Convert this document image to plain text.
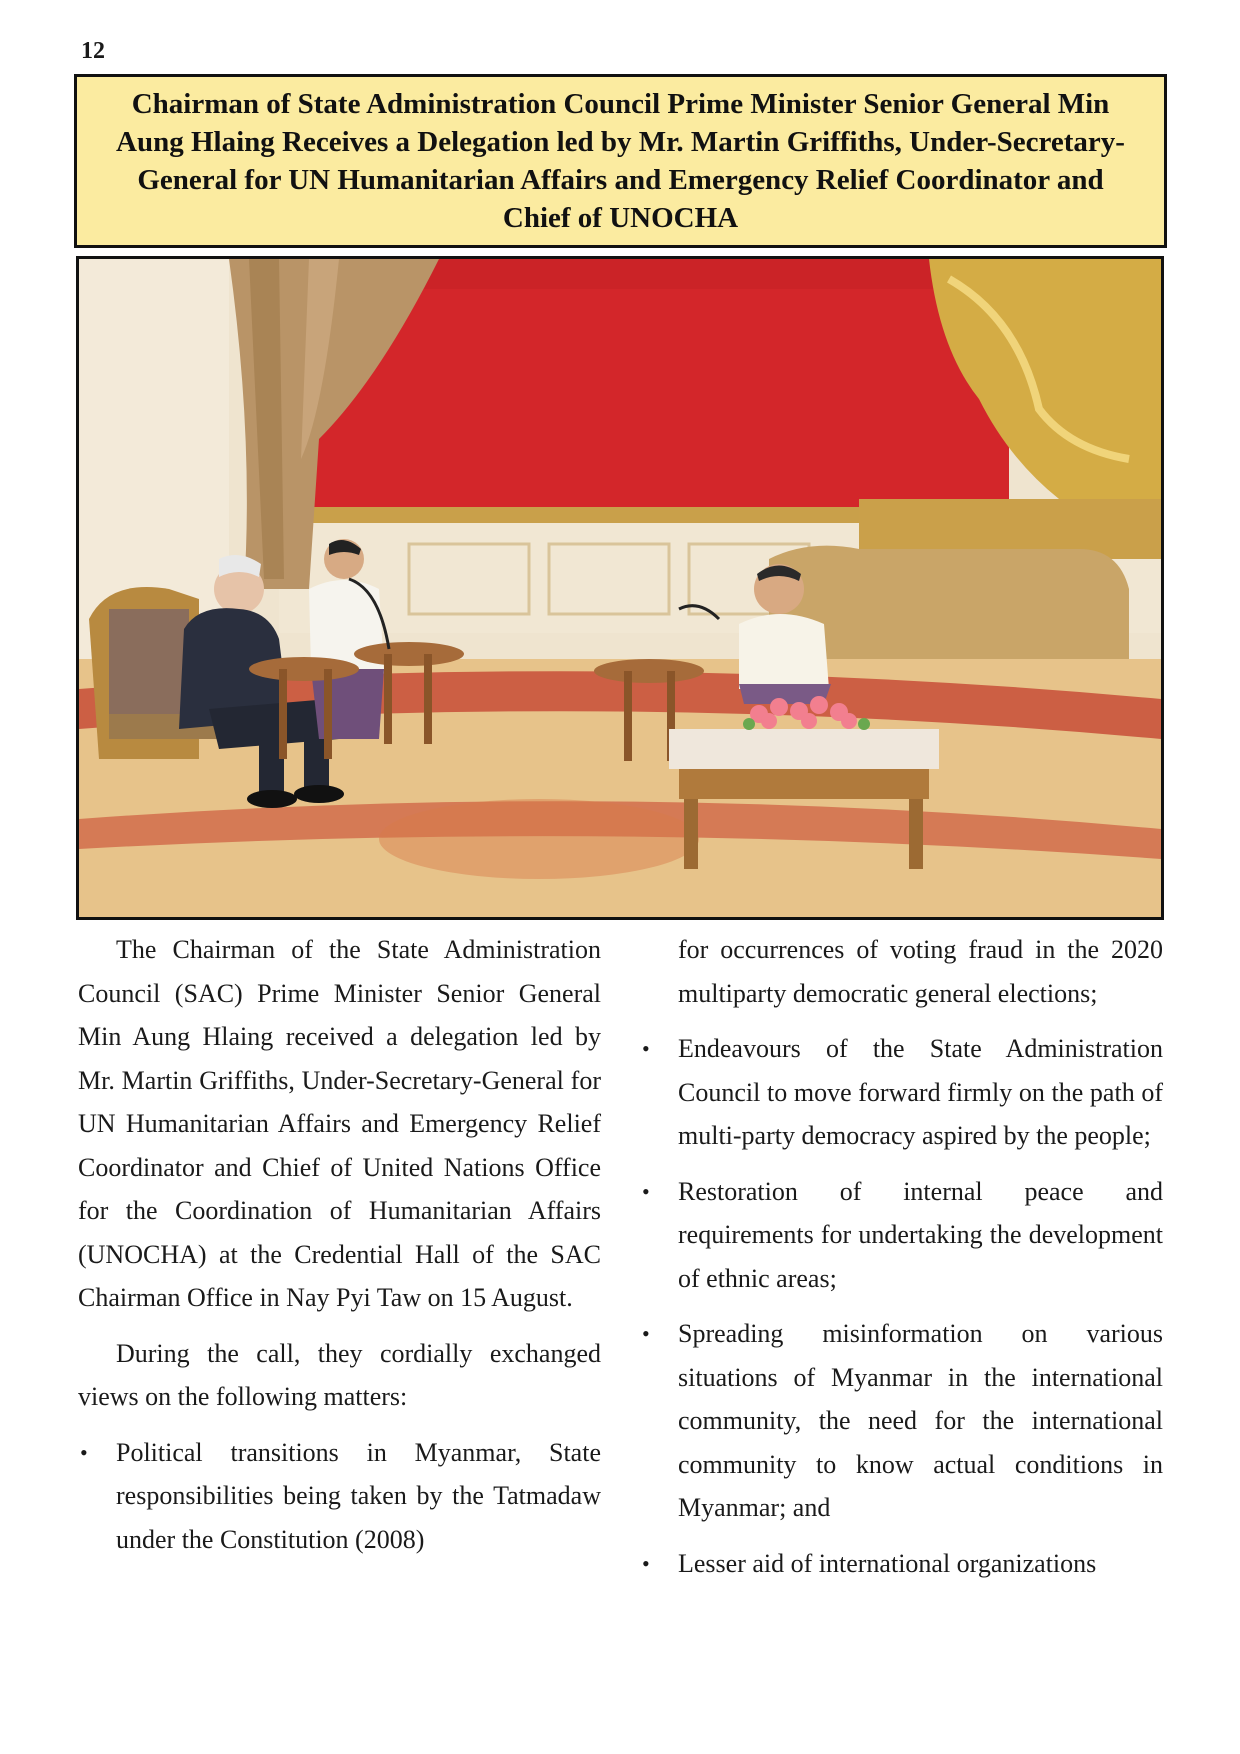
12
Chairman of State Administration Council Prime Minister Senior General Min Aung Hlaing Receives a Delegation led by Mr. Martin Griffiths, Under-Secretary-General for UN Humanitarian Affairs and Emergency Relief Coordinator and Chief of UNOCHA

The Chairman of the State Administration Council (SAC) Prime Minister Senior General Min Aung Hlaing received a delegation led by Mr. Martin Griffiths, Under-Secretary-General for UN Humanitarian Affairs and Emergency Relief Coordinator and Chief of United Nations Office for the Coordination of Humanitarian Affairs (UNOCHA) at the Credential Hall of the SAC Chairman Office in Nay Pyi Taw on 15 August.

During the call, they cordially exchanged views on the following matters:

• Political transitions in Myanmar, State responsibilities being taken by the Tatmadaw under the Constitution (2008)
for occurrences of voting fraud in the 2020 multiparty democratic general elections;
• Endeavours of the State Administration Council to move forward firmly on the path of multi-party democracy aspired by the people;
• Restoration of internal peace and requirements for undertaking the development of ethnic areas;
• Spreading misinformation on various situations of Myanmar in the international community, the need for the international community to know actual conditions in Myanmar; and
• Lesser aid of international organizations
